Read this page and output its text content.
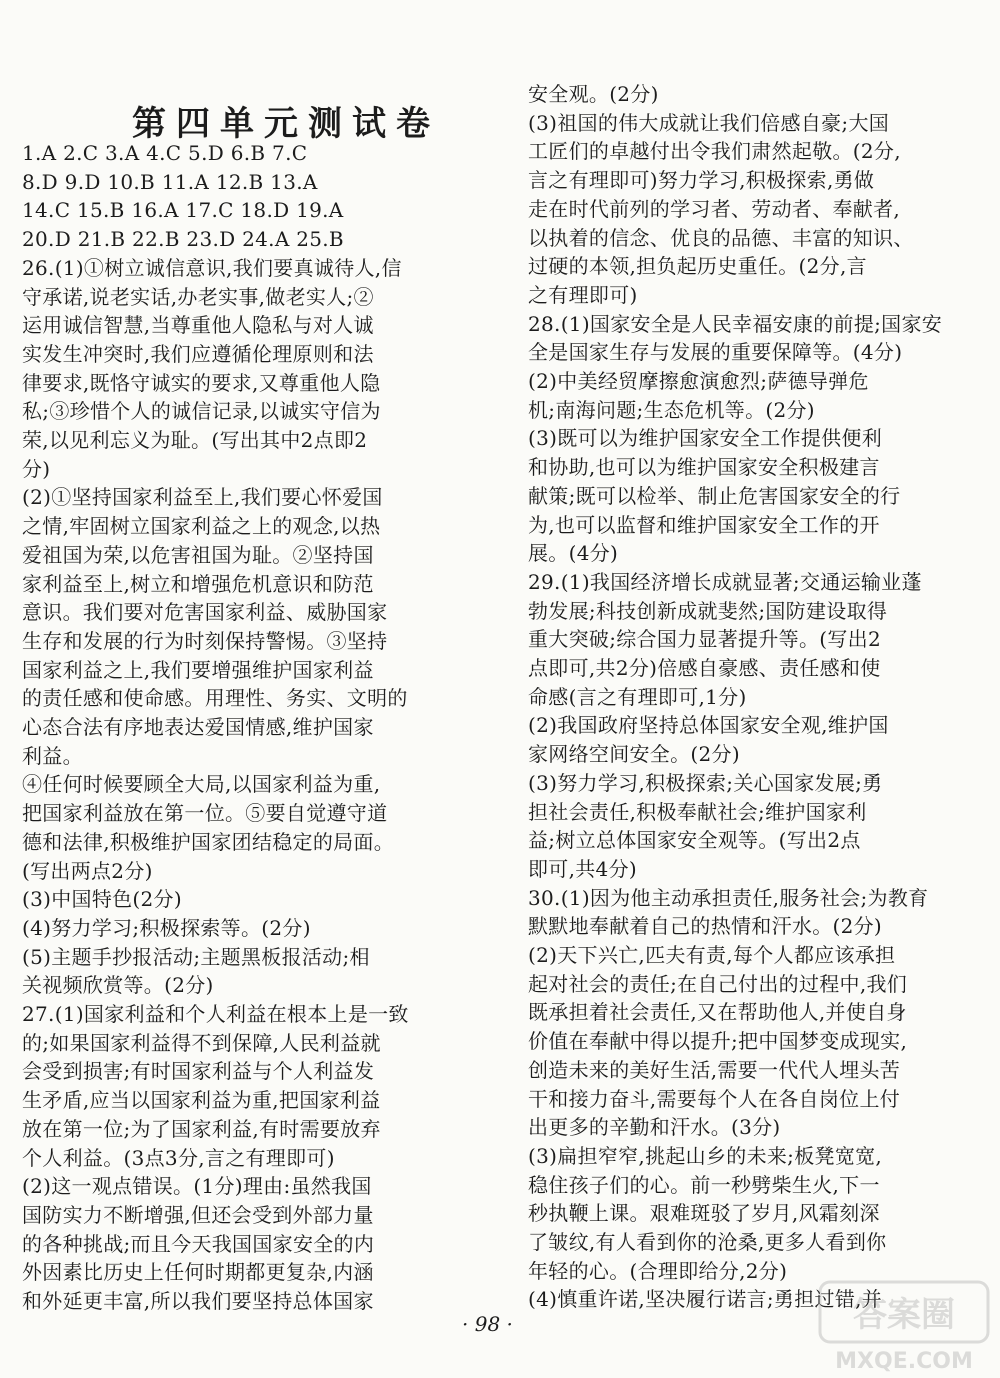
第四单元测试卷
1.A 2.C 3.A 4.C 5.D 6.B 7.C
8.D 9.D 10.B 11.A 12.B 13.A
14.C 15.B 16.A 17.C 18.D 19.A
20.D 21.B 22.B 23.D 24.A 25.B
26.(1)①树立诚信意识,我们要真诚待人,信
守承诺,说老实话,办老实事,做老实人;②
运用诚信智慧,当尊重他人隐私与对人诚
实发生冲突时,我们应遵循伦理原则和法
律要求,既恪守诚实的要求,又尊重他人隐
私;③珍惜个人的诚信记录,以诚实守信为
荣,以见利忘义为耻。(写出其中2点即2
分)
(2)①坚持国家利益至上,我们要心怀爱国
之情,牢固树立国家利益之上的观念,以热
爱祖国为荣,以危害祖国为耻。②坚持国
家利益至上,树立和增强危机意识和防范
意识。我们要对危害国家利益、威胁国家
生存和发展的行为时刻保持警惕。③坚持
国家利益之上,我们要增强维护国家利益
的责任感和使命感。用理性、务实、文明的
心态合法有序地表达爱国情感,维护国家
利益。
④任何时候要顾全大局,以国家利益为重,
把国家利益放在第一位。⑤要自觉遵守道
德和法律,积极维护国家团结稳定的局面。
(写出两点2分)
(3)中国特色(2分)
(4)努力学习;积极探索等。(2分)
(5)主题手抄报活动;主题黑板报活动;相
关视频欣赏等。(2分)
27.(1)国家利益和个人利益在根本上是一致
的;如果国家利益得不到保障,人民利益就
会受到损害;有时国家利益与个人利益发
生矛盾,应当以国家利益为重,把国家利益
放在第一位;为了国家利益,有时需要放弃
个人利益。(3点3分,言之有理即可)
(2)这一观点错误。(1分)理由:虽然我国
国防实力不断增强,但还会受到外部力量
的各种挑战;而且今天我国国家安全的内
外因素比历史上任何时期都更复杂,内涵
和外延更丰富,所以我们要坚持总体国家
安全观。(2分)
(3)祖国的伟大成就让我们倍感自豪;大国
工匠们的卓越付出令我们肃然起敬。(2分,
言之有理即可)努力学习,积极探索,勇做
走在时代前列的学习者、劳动者、奉献者,
以执着的信念、优良的品德、丰富的知识、
过硬的本领,担负起历史重任。(2分,言
之有理即可)
28.(1)国家安全是人民幸福安康的前提;国家安
全是国家生存与发展的重要保障等。(4分)
(2)中美经贸摩擦愈演愈烈;萨德导弹危
机;南海问题;生态危机等。(2分)
(3)既可以为维护国家安全工作提供便利
和协助,也可以为维护国家安全积极建言
献策;既可以检举、制止危害国家安全的行
为,也可以监督和维护国家安全工作的开
展。(4分)
29.(1)我国经济增长成就显著;交通运输业蓬
勃发展;科技创新成就斐然;国防建设取得
重大突破;综合国力显著提升等。(写出2
点即可,共2分)倍感自豪感、责任感和使
命感(言之有理即可,1分)
(2)我国政府坚持总体国家安全观,维护国
家网络空间安全。(2分)
(3)努力学习,积极探索;关心国家发展;勇
担社会责任,积极奉献社会;维护国家利
益;树立总体国家安全观等。(写出2点
即可,共4分)
30.(1)因为他主动承担责任,服务社会;为教育
默默地奉献着自己的热情和汗水。(2分)
(2)天下兴亡,匹夫有责,每个人都应该承担
起对社会的责任;在自己付出的过程中,我们
既承担着社会责任,又在帮助他人,并使自身
价值在奉献中得以提升;把中国梦变成现实,
创造未来的美好生活,需要一代代人埋头苦
干和接力奋斗,需要每个人在各自岗位上付
出更多的辛勤和汗水。(3分)
(3)扁担窄窄,挑起山乡的未来;板凳宽宽,
稳住孩子们的心。前一秒劈柴生火,下一
秒执鞭上课。艰难斑驳了岁月,风霜刻深
了皱纹,有人看到你的沧桑,更多人看到你
年轻的心。(合理即给分,2分)
(4)慎重许诺,坚决履行诺言;勇担过错,并
· 98 ·	答案圈
MXQE.COM
